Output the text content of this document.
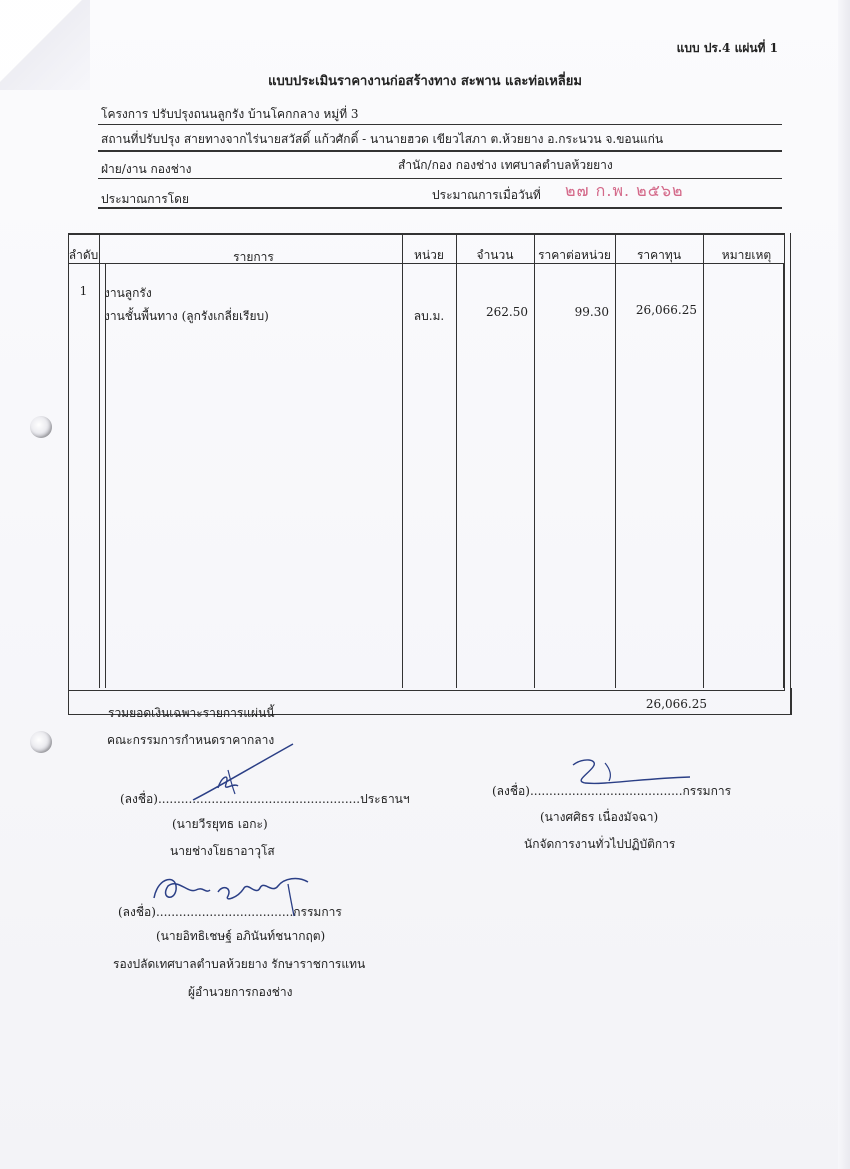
แบบ ปร.4 แผ่นที่ 1
แบบประเมินราคางานก่อสร้างทาง สะพาน และท่อเหลี่ยม
โครงการ ปรับปรุงถนนลูกรัง บ้านโคกกลาง หมู่ที่ 3
สถานที่ปรับปรุง สายทางจากไร่นายสวัสดิ์ แก้วศักดิ์ - นานายฮวด เขียวไสภา ต.ห้วยยาง อ.กระนวน จ.ขอนแก่น
ฝ่าย/งาน กองช่าง	สำนัก/กอง กองช่าง เทศบาลตำบลห้วยยาง
ประมาณการโดย	ประมาณการเมื่อวันที่ ๒๗ ก.พ. ๒๕๖๒
ลำดับ	รายการ	หน่วย	จำนวน	ราคาต่อหน่วย	ราคาทุน	หมายเหตุ
1	งานลูกรัง
งานชั้นพื้นทาง (ลูกรังเกลี่ยเรียบ)	ลบ.ม.	262.50	99.30	26,066.25
รวมยอดเงินเฉพาะรายการแผ่นนี้
26,066.25
คณะกรรมการกำหนดราคากลาง
(ลงชื่อ).....................................................ประธานฯ
(นายวีรยุทธ เอกะ)
นายช่างโยธาอาวุโส
(ลงชื่อ)........................................กรรมการ
(นางศศิธร เนื่องมัจฉา)
นักจัดการงานทั่วไปปฏิบัติการ
(ลงชื่อ)....................................กรรมการ
(นายอิทธิเชษฐ์ อภินันท์ชนากฤต)
รองปลัดเทศบาลตำบลห้วยยาง รักษาราชการแทน
ผู้อำนวยการกองช่าง
